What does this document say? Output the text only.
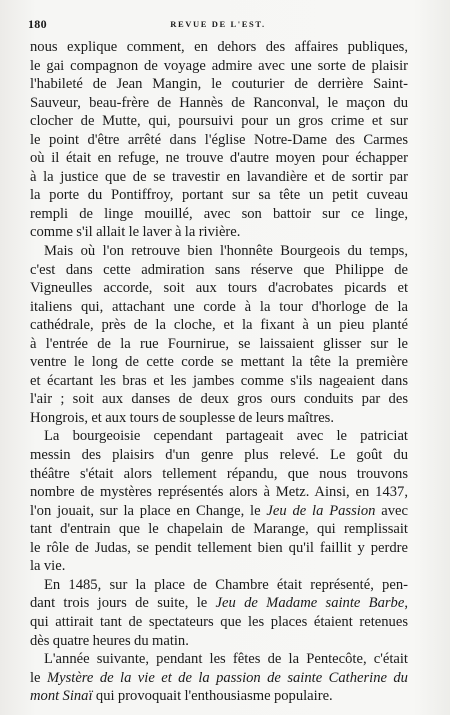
180	REVUE DE L'EST.
nous explique comment, en dehors des affaires publiques,
le gai compagnon de voyage admire avec une sorte de plaisir
l'habileté de Jean Mangin, le couturier de derrière Saint-
Sauveur, beau-frère de Hannès de Ranconval, le maçon du
clocher de Mutte, qui, poursuivi pour un gros crime et sur
le point d'être arrêté dans l'église Notre-Dame des Carmes
où il était en refuge, ne trouve d'autre moyen pour échapper
à la justice que de se travestir en lavandière et de sortir par
la porte du Pontiffroy, portant sur sa tête un petit cuveau
rempli de linge mouillé, avec son battoir sur ce linge,
comme s'il allait le laver à la rivière.
Mais où l'on retrouve bien l'honnête Bourgeois du temps,
c'est dans cette admiration sans réserve que Philippe de
Vigneulles accorde, soit aux tours d'acrobates picards et
italiens qui, attachant une corde à la tour d'horloge de la
cathédrale, près de la cloche, et la fixant à un pieu planté
à l'entrée de la rue Fournirue, se laissaient glisser sur le
ventre le long de cette corde se mettant la tête la première
et écartant les bras et les jambes comme s'ils nageaient dans
l'air ; soit aux danses de deux gros ours conduits par des
Hongrois, et aux tours de souplesse de leurs maîtres.
La bourgeoisie cependant partageait avec le patriciat
messin des plaisirs d'un genre plus relevé. Le goût du
théâtre s'était alors tellement répandu, que nous trouvons
nombre de mystères représentés alors à Metz. Ainsi, en 1437,
l'on jouait, sur la place en Change, le Jeu de la Passion avec
tant d'entrain que le chapelain de Marange, qui remplissait
le rôle de Judas, se pendit tellement bien qu'il faillit y perdre
la vie.
En 1485, sur la place de Chambre était représenté, pen-
dant trois jours de suite, le Jeu de Madame sainte Barbe,
qui attirait tant de spectateurs que les places étaient retenues
dès quatre heures du matin.
L'année suivante, pendant les fêtes de la Pentecôte, c'était
le Mystère de la vie et de la passion de sainte Catherine du
mont Sinaï qui provoquait l'enthousiasme populaire.
